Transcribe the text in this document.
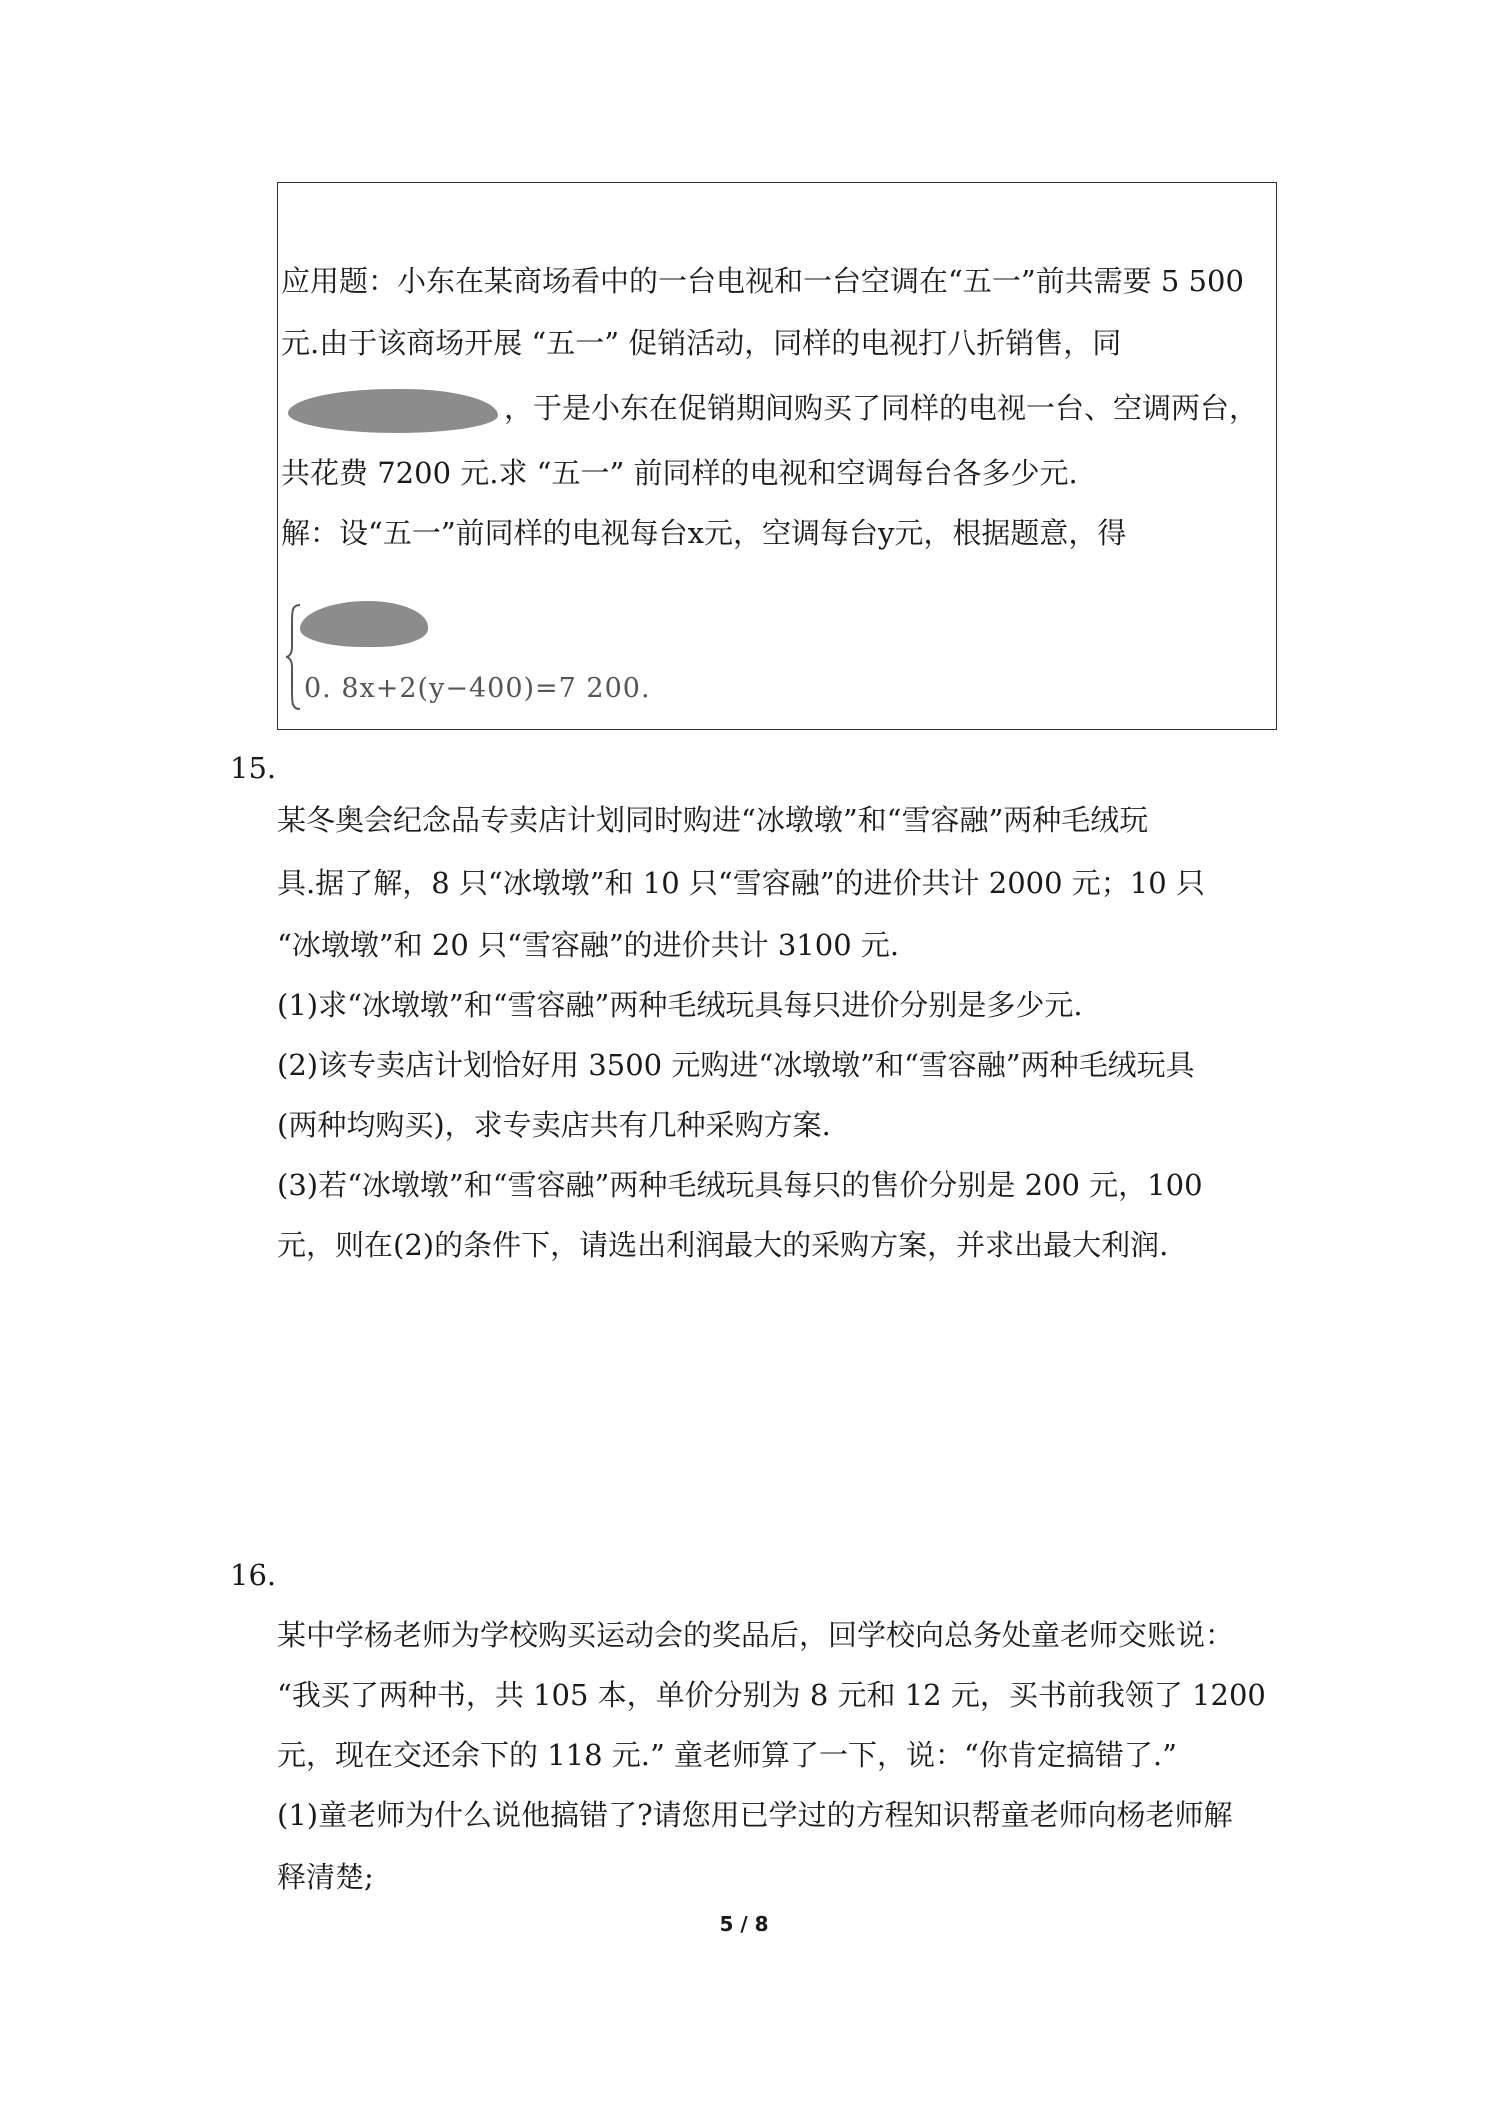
应用题：小东在某商场看中的一台电视和一台空调在“五一”前共需要 5 500
元.由于该商场开展 “五一” 促销活动，同样的电视打八折销售，同
，于是小东在促销期间购买了同样的电视一台、空调两台，
共花费 7200 元.求 “五一” 前同样的电视和空调每台各多少元.
解：设“五一”前同样的电视每台x元，空调每台y元，根据题意，得
0. 8x+2(y−400)=7 200.
15.
某冬奥会纪念品专卖店计划同时购进“冰墩墩”和“雪容融”两种毛绒玩
具.据了解，8 只“冰墩墩”和 10 只“雪容融”的进价共计 2000 元；10 只
“冰墩墩”和 20 只“雪容融”的进价共计 3100 元.
(1)求“冰墩墩”和“雪容融”两种毛绒玩具每只进价分别是多少元.
(2)该专卖店计划恰好用 3500 元购进“冰墩墩”和“雪容融”两种毛绒玩具
(两种均购买)，求专卖店共有几种采购方案.
(3)若“冰墩墩”和“雪容融”两种毛绒玩具每只的售价分别是 200 元，100
元，则在(2)的条件下，请选出利润最大的采购方案，并求出最大利润.
16.
某中学杨老师为学校购买运动会的奖品后，回学校向总务处童老师交账说：
“我买了两种书，共 105 本，单价分别为 8 元和 12 元，买书前我领了 1200
元，现在交还余下的 118 元.” 童老师算了一下，说：“你肯定搞错了.”
(1)童老师为什么说他搞错了?请您用已学过的方程知识帮童老师向杨老师解
释清楚;
5 / 8
